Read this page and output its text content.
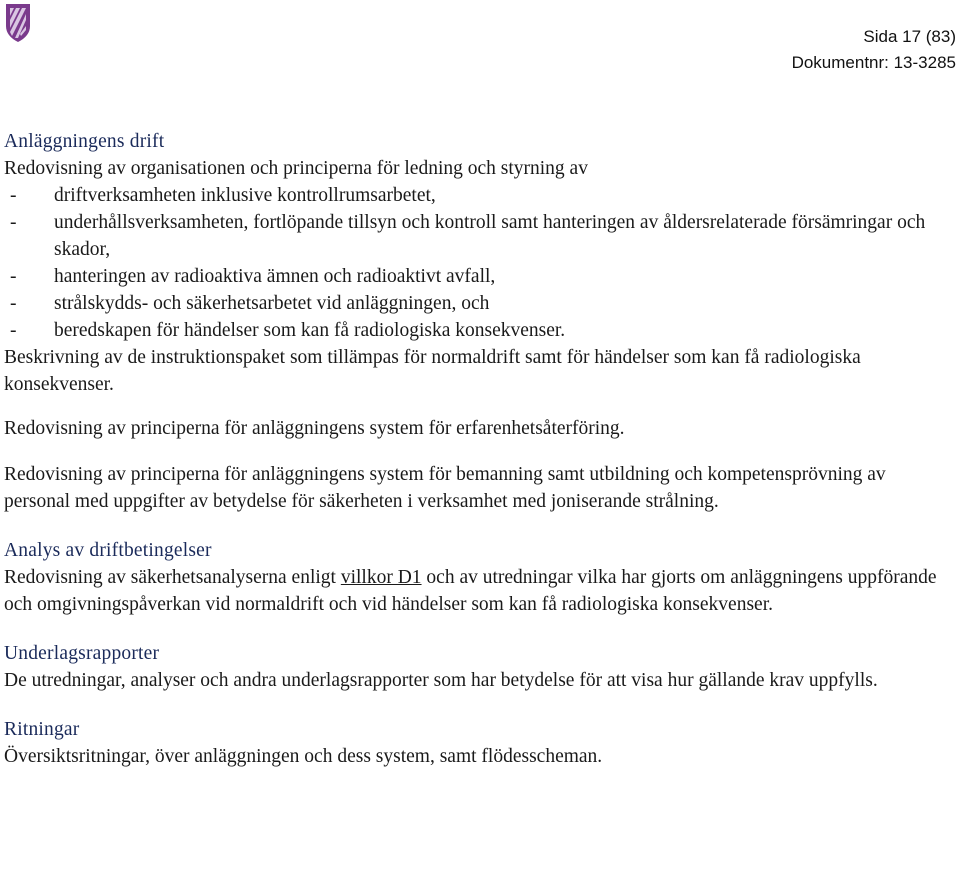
Sida 17 (83)
Dokumentnr: 13-3285

Anläggningens drift

Redovisning av organisationen och principerna för ledning och styrning av

- driftverksamheten inklusive kontrollrumsarbetet,

- underhållsverksamheten, fortlöpande tillsyn och kontroll samt hanteringen av åldersrelaterade försämringar och skador,

- hanteringen av radioaktiva ämnen och radioaktivt avfall,

- strålskydds- och säkerhetsarbetet vid anläggningen, och

- beredskapen för händelser som kan få radiologiska konsekvenser.

Beskrivning av de instruktionspaket som tillämpas för normaldrift samt för händelser som kan få radiologiska konsekvenser.

Redovisning av principerna för anläggningens system för erfarenhetsåterföring.

Redovisning av principerna för anläggningens system för bemanning samt utbildning och kompetensprövning av personal med uppgifter av betydelse för säkerheten i verksamhet med joniserande strålning.

Analys av driftbetingelser

Redovisning av säkerhetsanalyserna enligt villkor D1 och av utredningar vilka har gjorts om anläggningens uppförande och omgivningspåverkan vid normaldrift och vid händelser som kan få radiologiska konsekvenser.

Underlagsrapporter

De utredningar, analyser och andra underlagsrapporter som har betydelse för att visa hur gällande krav uppfylls.

Ritningar

Översiktsritningar, över anläggningen och dess system, samt flödesscheman.
